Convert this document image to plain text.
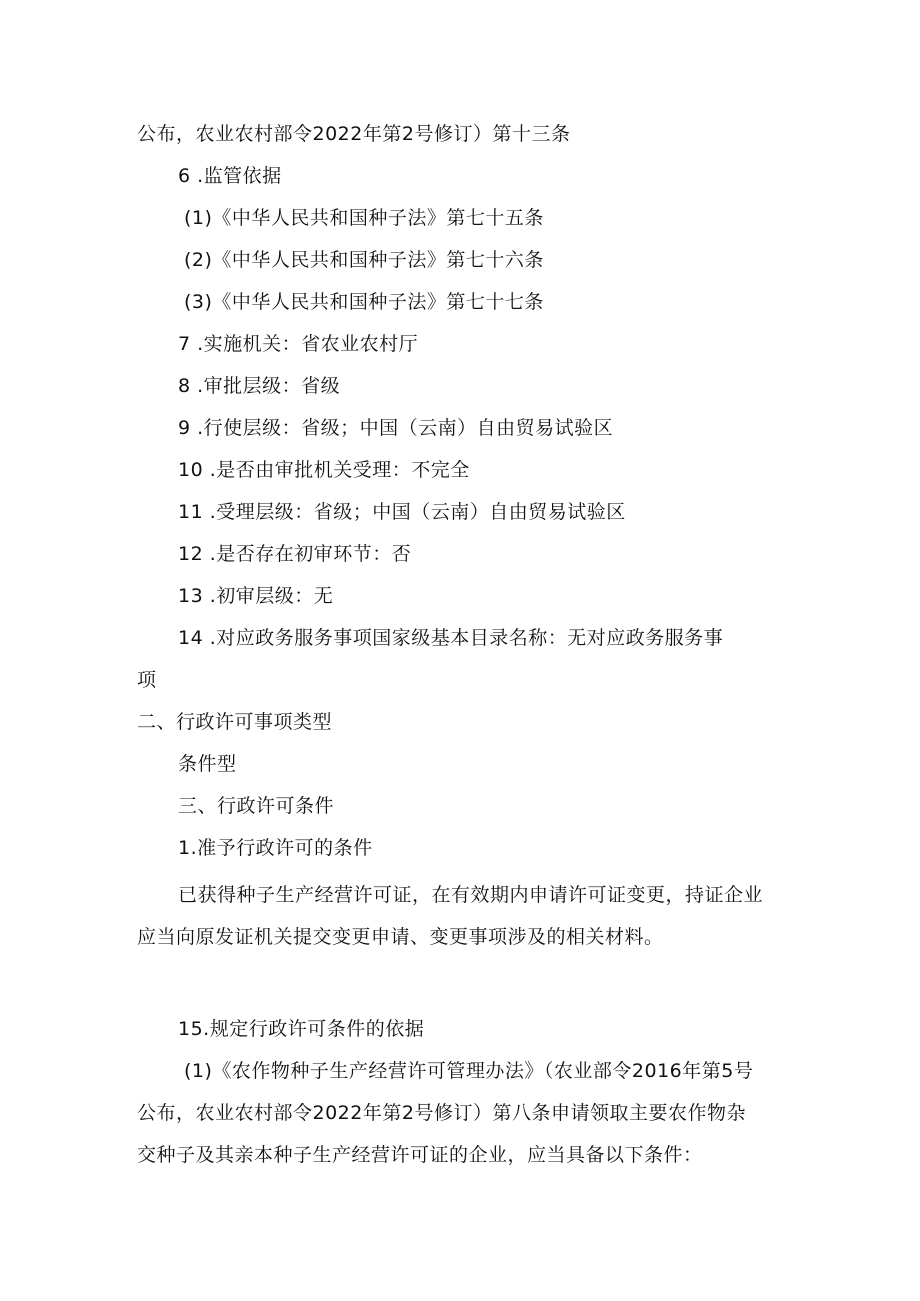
公布，农业农村部令2022年第2号修订）第十三条
6 .监管依据
(1)《中华人民共和国种子法》第七十五条
(2)《中华人民共和国种子法》第七十六条
(3)《中华人民共和国种子法》第七十七条
7 .实施机关：省农业农村厅
8 .审批层级：省级
9 .行使层级：省级；中国（云南）自由贸易试验区
10 .是否由审批机关受理：不完全
11 .受理层级：省级；中国（云南）自由贸易试验区
12 .是否存在初审环节：否
13 .初审层级：无
14 .对应政务服务事项国家级基本目录名称：无对应政务服务事
项
二、行政许可事项类型
条件型
三、行政许可条件
1.准予行政许可的条件
已获得种子生产经营许可证，在有效期内申请许可证变更，持证企业
应当向原发证机关提交变更申请、变更事项涉及的相关材料。
15.规定行政许可条件的依据
(1)《农作物种子生产经营许可管理办法》（农业部令2016年第5号
公布，农业农村部令2022年第2号修订）第八条申请领取主要农作物杂
交种子及其亲本种子生产经营许可证的企业，应当具备以下条件：
